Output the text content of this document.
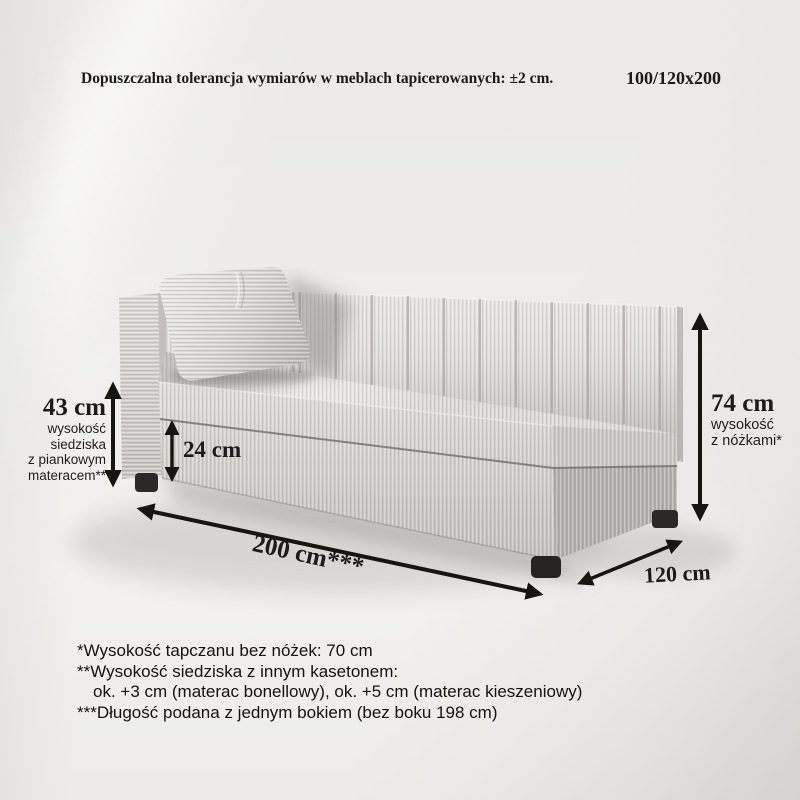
Dopuszczalna tolerancja wymiarów w meblach tapicerowanych: ±2 cm.	100/120x200
43 cm
wysokość
siedziska
z piankowym
materacem**
24 cm
74 cm
wysokość
z nóżkami*
200 cm***	120 cm
*Wysokość tapczanu bez nóżek: 70 cm
**Wysokość siedziska z innym kasetonem:
ok. +3 cm (materac bonellowy), ok. +5 cm (materac kieszeniowy)
***Długość podana z jednym bokiem (bez boku 198 cm)
